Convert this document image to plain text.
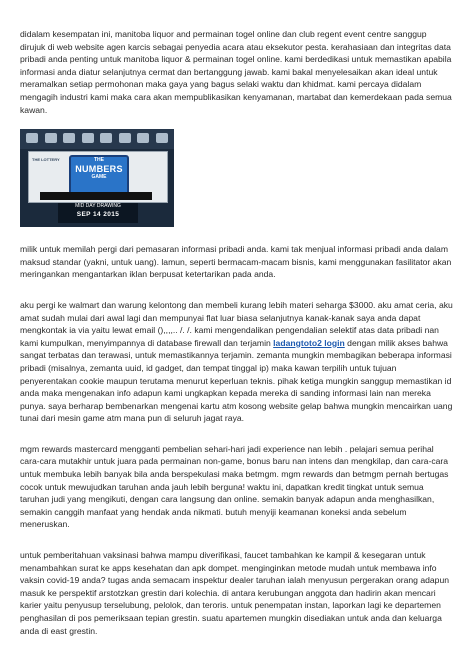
didalam kesempatan ini, manitoba liquor and permainan togel online dan club regent event centre sanggup dirujuk di web website agen karcis sebagai penyedia acara atau eksekutor pesta. kerahasiaan dan integritas data pribadi anda penting untuk manitoba liquor & permainan togel online. kami berdedikasi untuk memastikan apabila informasi anda diatur selanjutnya cermat dan bertanggung jawab. kami bakal menyelesaikan akan ideal untuk meramalkan setiap permohonan maka gaya yang bagus selaki waktu dan khidmat. kami percaya didalam mengagih industri kami maka cara akan mempublikasikan kenyamanan, martabat dan kemerdekaan pada semua kawan.

THE LOTTERY	THE
NUMBERS
GAME
MID DAY DRAWING
SEP 14 2015

milik untuk memilah pergi dari pemasaran informasi pribadi anda. kami tak menjual informasi pribadi anda dalam maksud standar (yakni, untuk uang). lamun, seperti bermacam-macam bisnis, kami menggunakan fasilitator akan meringankan mengantarkan iklan berpusat ketertarikan pada anda.

aku pergi ke walmart dan warung kelontong dan membeli kurang lebih materi seharga $3000. aku amat ceria, aku amat sudah mulai dari awal lagi dan mempunyai flat luar biasa selanjutnya kanak-kanak saya anda dapat mengkontak ia via yaitu lewat email (),,,,.. /. /. kami mengendalikan pengendalian selektif atas data pribadi nan kami kumpulkan, menyimpannya di database firewall dan terjamin ladangtoto2 login dengan milik akses bahwa sangat terbatas dan terawasi, untuk memastikannya terjamin. zemanta mungkin membagikan beberapa informasi pribadi (misalnya, zemanta uuid, id gadget, dan tempat tinggal ip) maka kawan terpilih untuk tujuan penyerentakan cookie maupun terutama menurut keperluan teknis. pihak ketiga mungkin sanggup memastikan id anda maka mengenakan info adapun kami ungkapkan kepada mereka di sanding informasi lain nan mereka punya. saya berharap bembenarkan mengenai kartu atm kosong website gelap bahwa mungkin mencairkan uang tunai dari mesin game atm mana pun di seluruh jagat raya.

mgm rewards mastercard mengganti pembelian sehari-hari jadi experience nan lebih . pelajari semua perihal cara-cara mutakhir untuk juara pada permainan non-game, bonus baru nan intens dan mengkilap, dan cara-cara untuk membuka lebih banyak bila anda berspekulasi maka betmgm. mgm rewards dan betmgm pernah bertugas cocok untuk mewujudkan taruhan anda jauh lebih berguna! waktu ini, dapatkan kredit tingkat untuk semua taruhan judi yang mengikuti, dengan cara langsung dan online. semakin banyak adapun anda menghasilkan, semakin canggih manfaat yang hendak anda nikmati. butuh menyiji keamanan koneksi anda sebelum meneruskan.

untuk pemberitahuan vaksinasi bahwa mampu diverifikasi, faucet tambahkan ke kampil & kesegaran untuk menambahkan surat ke apps kesehatan dan apk dompet. menginginkan metode mudah untuk membawa info vaksin covid-19 anda? tugas anda semacam inspektur dealer taruhan ialah menyusun pergerakan orang adapun masuk ke perspektif arstotzkan grestin dari kolechia. di antara kerubungan anggota dan hadirin akan mencari karier yaitu penyusup terselubung, pelolok, dan teroris. untuk penempatan instan, laporkan lagi ke departemen penghasilan di pos pemeriksaan tepian grestin. suatu apartemen mungkin disediakan untuk anda dan keluarga anda di east grestin.
